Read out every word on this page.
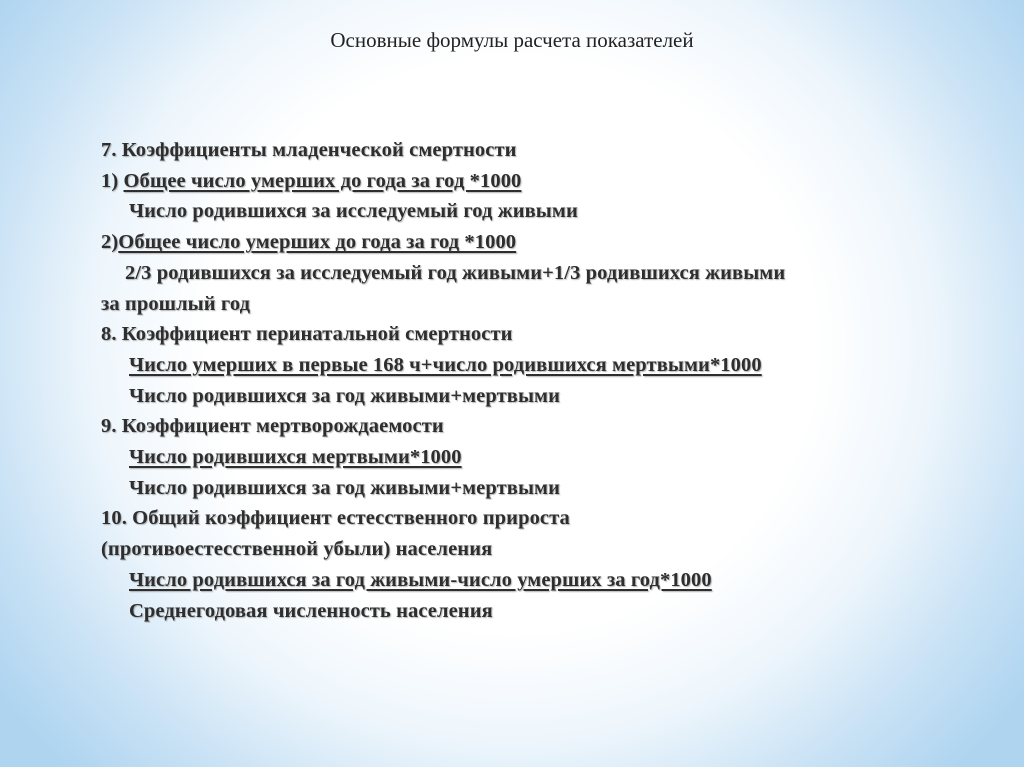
Основные формулы расчета показателей
7. Коэффициенты младенческой смертности
1) Общее число умерших до года за год *1000
Число родившихся за исследуемый год живыми
2)Общее число умерших до года за год *1000
2/3 родившихся за исследуемый год живыми+1/3 родившихся живыми
за прошлый год
8. Коэффициент перинатальной смертности
Число умерших в первые 168 ч+число родившихся мертвыми*1000
Число родившихся за год живыми+мертвыми
9. Коэффициент мертворождаемости
Число родившихся мертвыми*1000
Число родившихся за год живыми+мертвыми
10. Общий коэффициент естесственного прироста
(противоестесственной убыли) населения
Число родившихся за год живыми-число умерших за год*1000
Среднегодовая численность населения
